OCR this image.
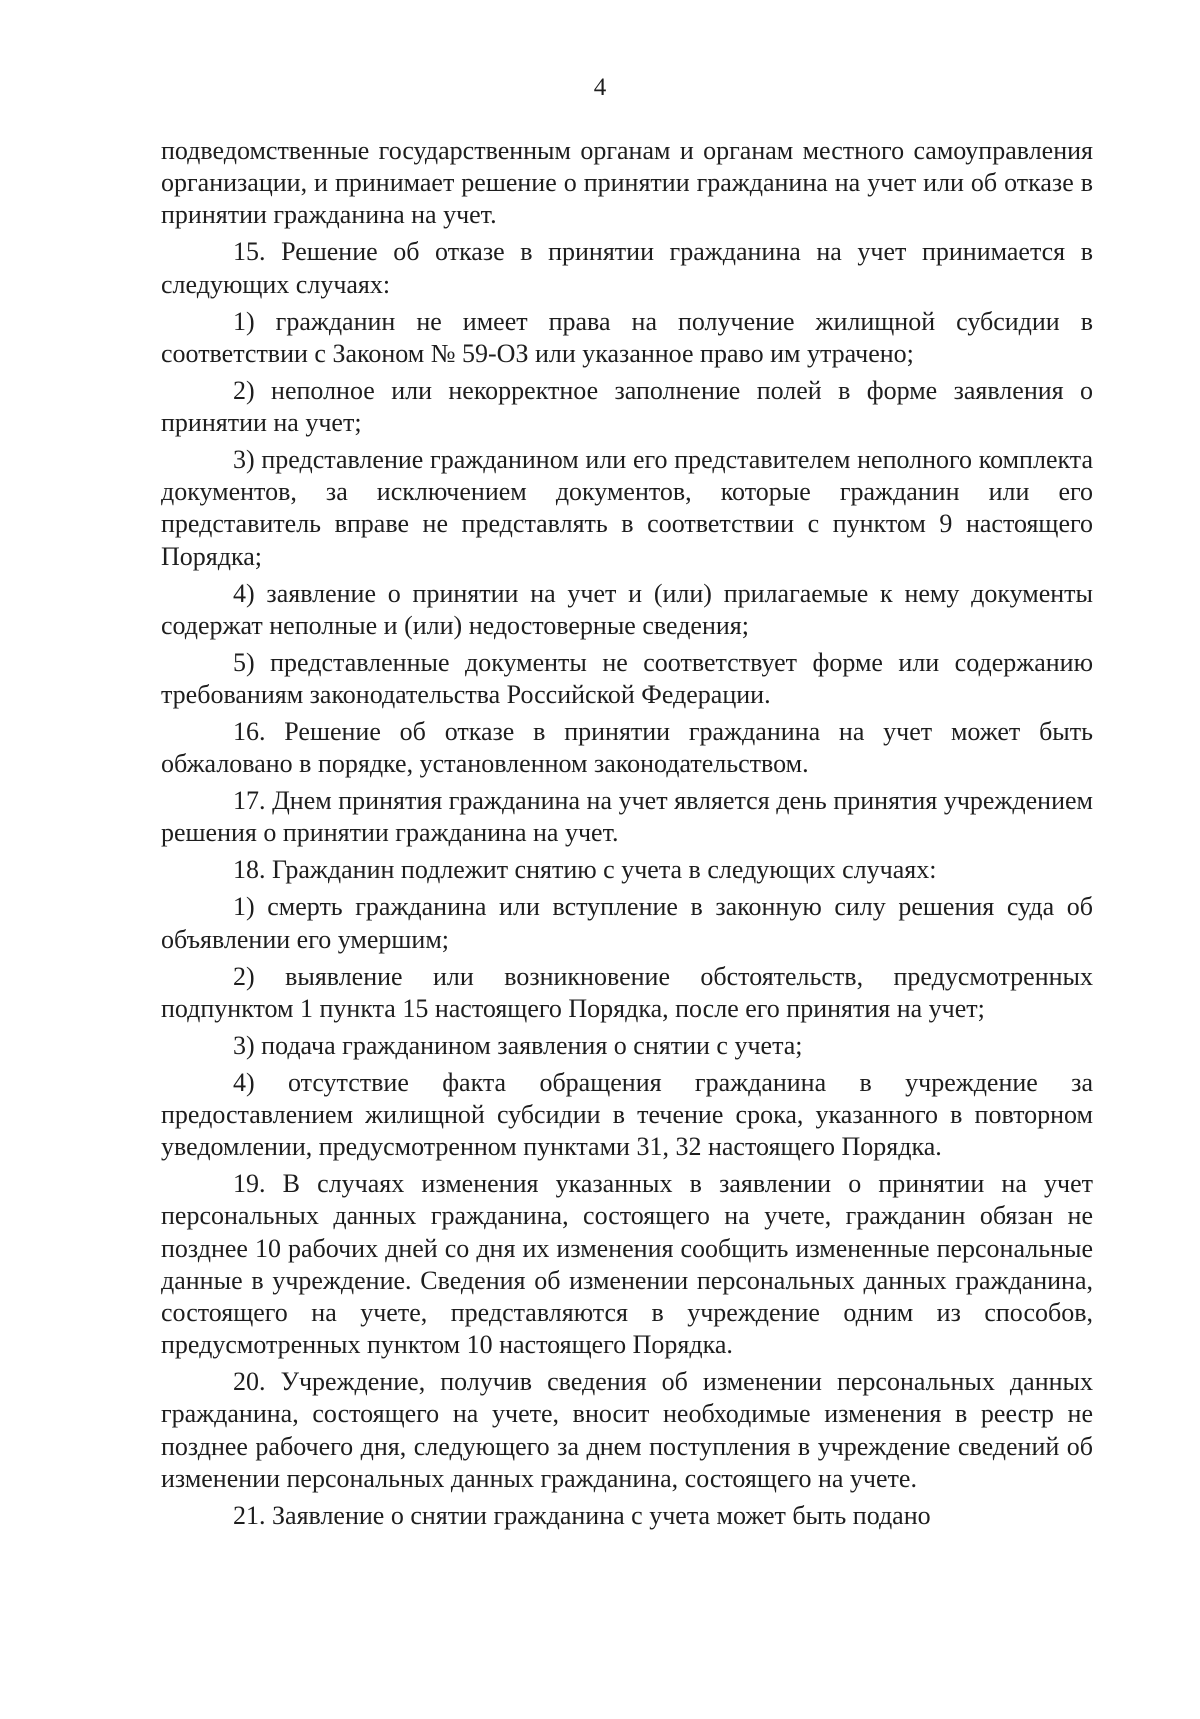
4

подведомственные государственным органам и органам местного самоуправления организации, и принимает решение о принятии гражданина на учет или об отказе в принятии гражданина на учет.

15. Решение об отказе в принятии гражданина на учет принимается в следующих случаях:

1) гражданин не имеет права на получение жилищной субсидии в соответствии с Законом № 59-ОЗ или указанное право им утрачено;

2) неполное или некорректное заполнение полей в форме заявления о принятии на учет;

3) представление гражданином или его представителем неполного комплекта документов, за исключением документов, которые гражданин или его представитель вправе не представлять в соответствии с пунктом 9 настоящего Порядка;

4) заявление о принятии на учет и (или) прилагаемые к нему документы содержат неполные и (или) недостоверные сведения;

5) представленные документы не соответствует форме или содержанию требованиям законодательства Российской Федерации.

16. Решение об отказе в принятии гражданина на учет может быть обжаловано в порядке, установленном законодательством.

17. Днем принятия гражданина на учет является день принятия учреждением решения о принятии гражданина на учет.

18. Гражданин подлежит снятию с учета в следующих случаях:

1) смерть гражданина или вступление в законную силу решения суда об объявлении его умершим;

2) выявление или возникновение обстоятельств, предусмотренных подпунктом 1 пункта 15 настоящего Порядка, после его принятия на учет;

3) подача гражданином заявления о снятии с учета;

4) отсутствие факта обращения гражданина в учреждение за предоставлением жилищной субсидии в течение срока, указанного в повторном уведомлении, предусмотренном пунктами 31, 32 настоящего Порядка.

19. В случаях изменения указанных в заявлении о принятии на учет персональных данных гражданина, состоящего на учете, гражданин обязан не позднее 10 рабочих дней со дня их изменения сообщить измененные персональные данные в учреждение. Сведения об изменении персональных данных гражданина, состоящего на учете, представляются в учреждение одним из способов, предусмотренных пунктом 10 настоящего Порядка.

20. Учреждение, получив сведения об изменении персональных данных гражданина, состоящего на учете, вносит необходимые изменения в реестр не позднее рабочего дня, следующего за днем поступления в учреждение сведений об изменении персональных данных гражданина, состоящего на учете.

21. Заявление о снятии гражданина с учета может быть подано
